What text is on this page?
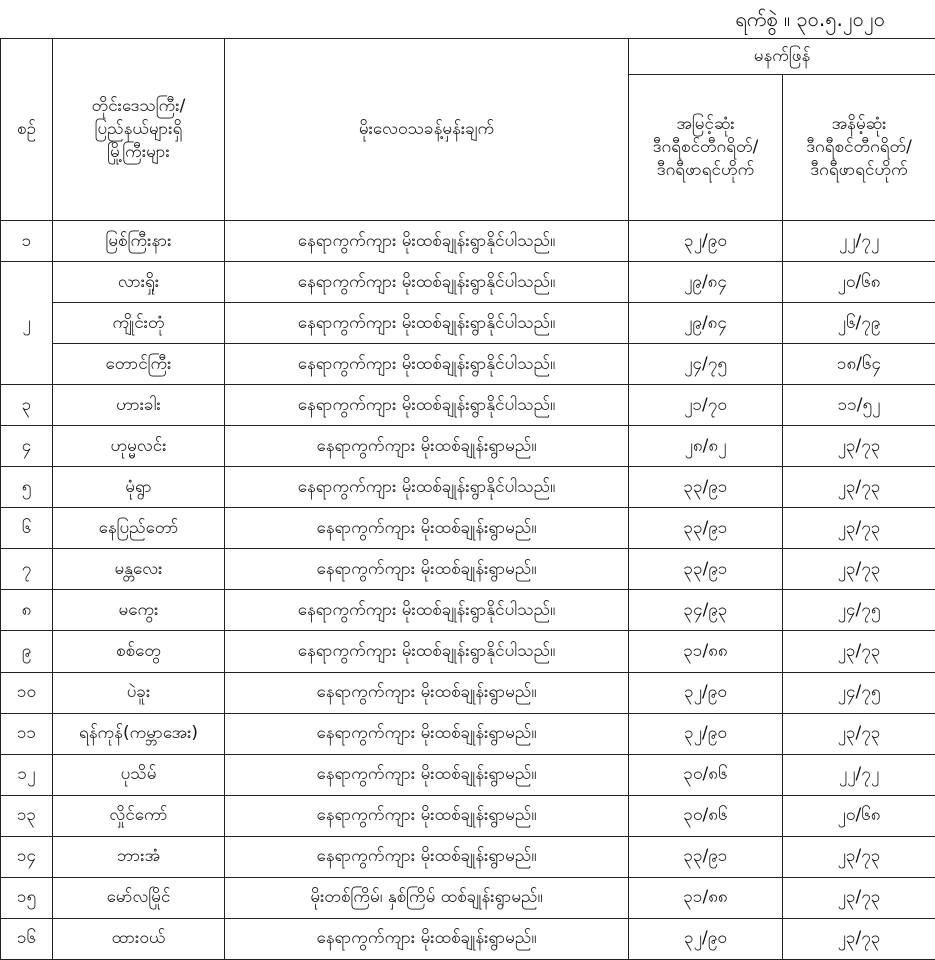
ရက်စွဲ ။ ၃၀.၅.၂၀၂၀
စဉ်	တိုင်းဒေသကြီး/
ပြည်နယ်များရှိ
မြို့ကြီးများ	မိုးလေဝသခန့်မှန်းချက်	မနက်ဖြန်	
			အမြင့်ဆုံး
ဒီဂရီစင်တီဂရိတ်/
ဒီဂရီဖာရင်ဟိုက်	အနိမ့်ဆုံး
ဒီဂရီစင်တီဂရိတ်/
ဒီဂရီဖာရင်ဟိုက်
၁	မြစ်ကြီးနား	နေရာကွက်ကျား မိုးထစ်ချုန်းရွာနိုင်ပါသည်။	၃၂/၉၀	၂၂/၇၂
၂	လားရှိုး	နေရာကွက်ကျား မိုးထစ်ချုန်းရွာနိုင်ပါသည်။	၂၉/၈၄	၂၀/၆၈
	ကျိုင်းတုံ	နေရာကွက်ကျား မိုးထစ်ချုန်းရွာနိုင်ပါသည်။	၂၉/၈၄	၂၆/၇၉
	တောင်ကြီး	နေရာကွက်ကျား မိုးထစ်ချုန်းရွာနိုင်ပါသည်။	၂၄/၇၅	၁၈/၆၄
၃	ဟားခါး	နေရာကွက်ကျား မိုးထစ်ချုန်းရွာနိုင်ပါသည်။	၂၁/၇၀	၁၁/၅၂
၄	ဟုမ္မလင်း	နေရာကွက်ကျား မိုးထစ်ချုန်းရွာမည်။	၂၈/၈၂	၂၃/၇၃
၅	မုံရွာ	နေရာကွက်ကျား မိုးထစ်ချုန်းရွာနိုင်ပါသည်။	၃၃/၉၁	၂၃/၇၃
၆	နေပြည်တော်	နေရာကွက်ကျား မိုးထစ်ချုန်းရွာမည်။	၃၃/၉၁	၂၃/၇၃
၇	မန္တလေး	နေရာကွက်ကျား မိုးထစ်ချုန်းရွာမည်။	၃၃/၉၁	၂၃/၇၃
၈	မကွေး	နေရာကွက်ကျား မိုးထစ်ချုန်းရွာနိုင်ပါသည်။	၃၄/၉၃	၂၄/၇၅
၉	စစ်တွေ	နေရာကွက်ကျား မိုးထစ်ချုန်းရွာနိုင်ပါသည်။	၃၁/၈၈	၂၃/၇၃
၁၀	ပဲခူး	နေရာကွက်ကျား မိုးထစ်ချုန်းရွာမည်။	၃၂/၉၀	၂၄/၇၅
၁၁	ရန်ကုန်(ကမ္ဘာအေး)	နေရာကွက်ကျား မိုးထစ်ချုန်းရွာမည်။	၃၂/၉၀	၂၃/၇၃
၁၂	ပုသိမ်	နေရာကွက်ကျား မိုးထစ်ချုန်းရွာမည်။	၃၀/၈၆	၂၂/၇၂
၁၃	လှိုင်ကော်	နေရာကွက်ကျား မိုးထစ်ချုန်းရွာမည်။	၃၀/၈၆	၂၀/၆၈
၁၄	ဘားအံ	နေရာကွက်ကျား မိုးထစ်ချုန်းရွာမည်။	၃၃/၉၁	၂၃/၇၃
၁၅	မော်လမြိုင်	မိုးတစ်ကြိမ်၊ နှစ်ကြိမ် ထစ်ချုန်းရွာမည်။	၃၁/၈၈	၂၃/၇၃
၁၆	ထားဝယ်	နေရာကွက်ကျား မိုးထစ်ချုန်းရွာမည်။	၃၂/၉၀	၂၃/၇၃
